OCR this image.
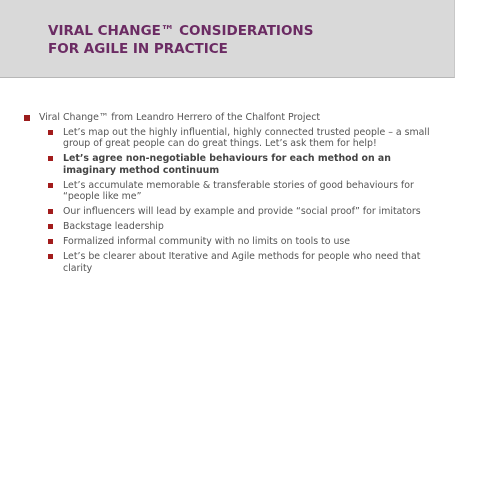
VIRAL CHANGE™ CONSIDERATIONS
FOR AGILE IN PRACTICE
Viral Change™ from Leandro Herrero of the Chalfont Project
Let’s map out the highly influential, highly connected trusted people – a small group of great people can do great things. Let’s ask them for help!
Let’s agree non-negotiable behaviours for each method on an imaginary method continuum
Let’s accumulate memorable & transferable stories of good behaviours for “people like me”
Our influencers will lead by example and provide “social proof” for imitators
Backstage leadership
Formalized informal community with no limits on tools to use
Let’s be clearer about Iterative and Agile methods for people who need that clarity
